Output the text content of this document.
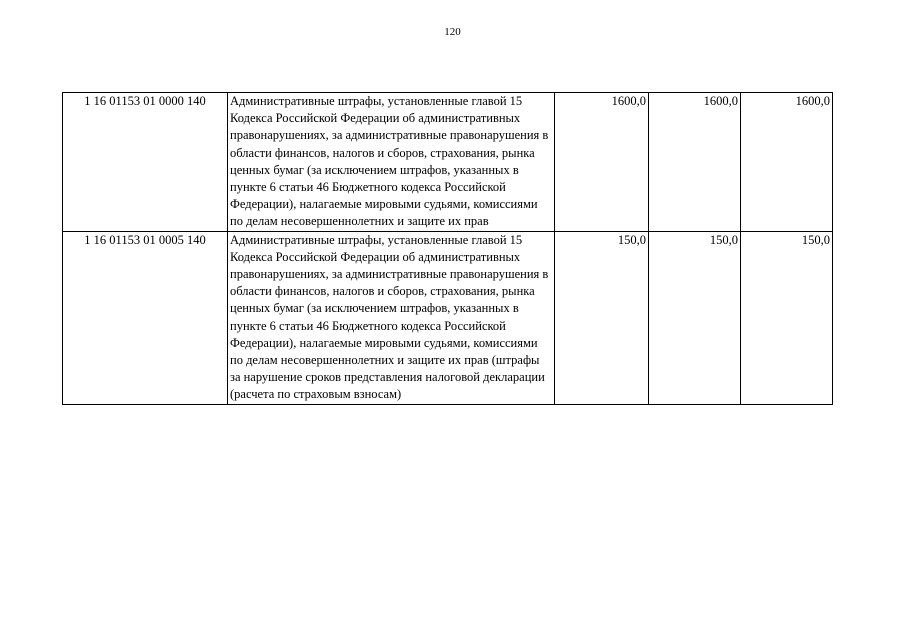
120
1 16 01153 01 0000 140	Административные штрафы, установленные главой 15 Кодекса Российской Федерации об административных правонарушениях, за административные правонарушения в области финансов, налогов и сборов, страхования, рынка ценных бумаг (за исключением штрафов, указанных в пункте 6 статьи 46 Бюджетного кодекса Российской Федерации), налагаемые мировыми судьями, комиссиями по делам несовершеннолетних и защите их прав	1600,0	1600,0	1600,0
1 16 01153 01 0005 140	Административные штрафы, установленные главой 15 Кодекса Российской Федерации об административных правонарушениях, за административные правонарушения в области финансов, налогов и сборов, страхования, рынка ценных бумаг (за исключением штрафов, указанных в пункте 6 статьи 46 Бюджетного кодекса Российской Федерации), налагаемые мировыми судьями, комиссиями по делам несовершеннолетних и защите их прав (штрафы за нарушение сроков представления налоговой декларации (расчета по страховым взносам)	150,0	150,0	150,0
